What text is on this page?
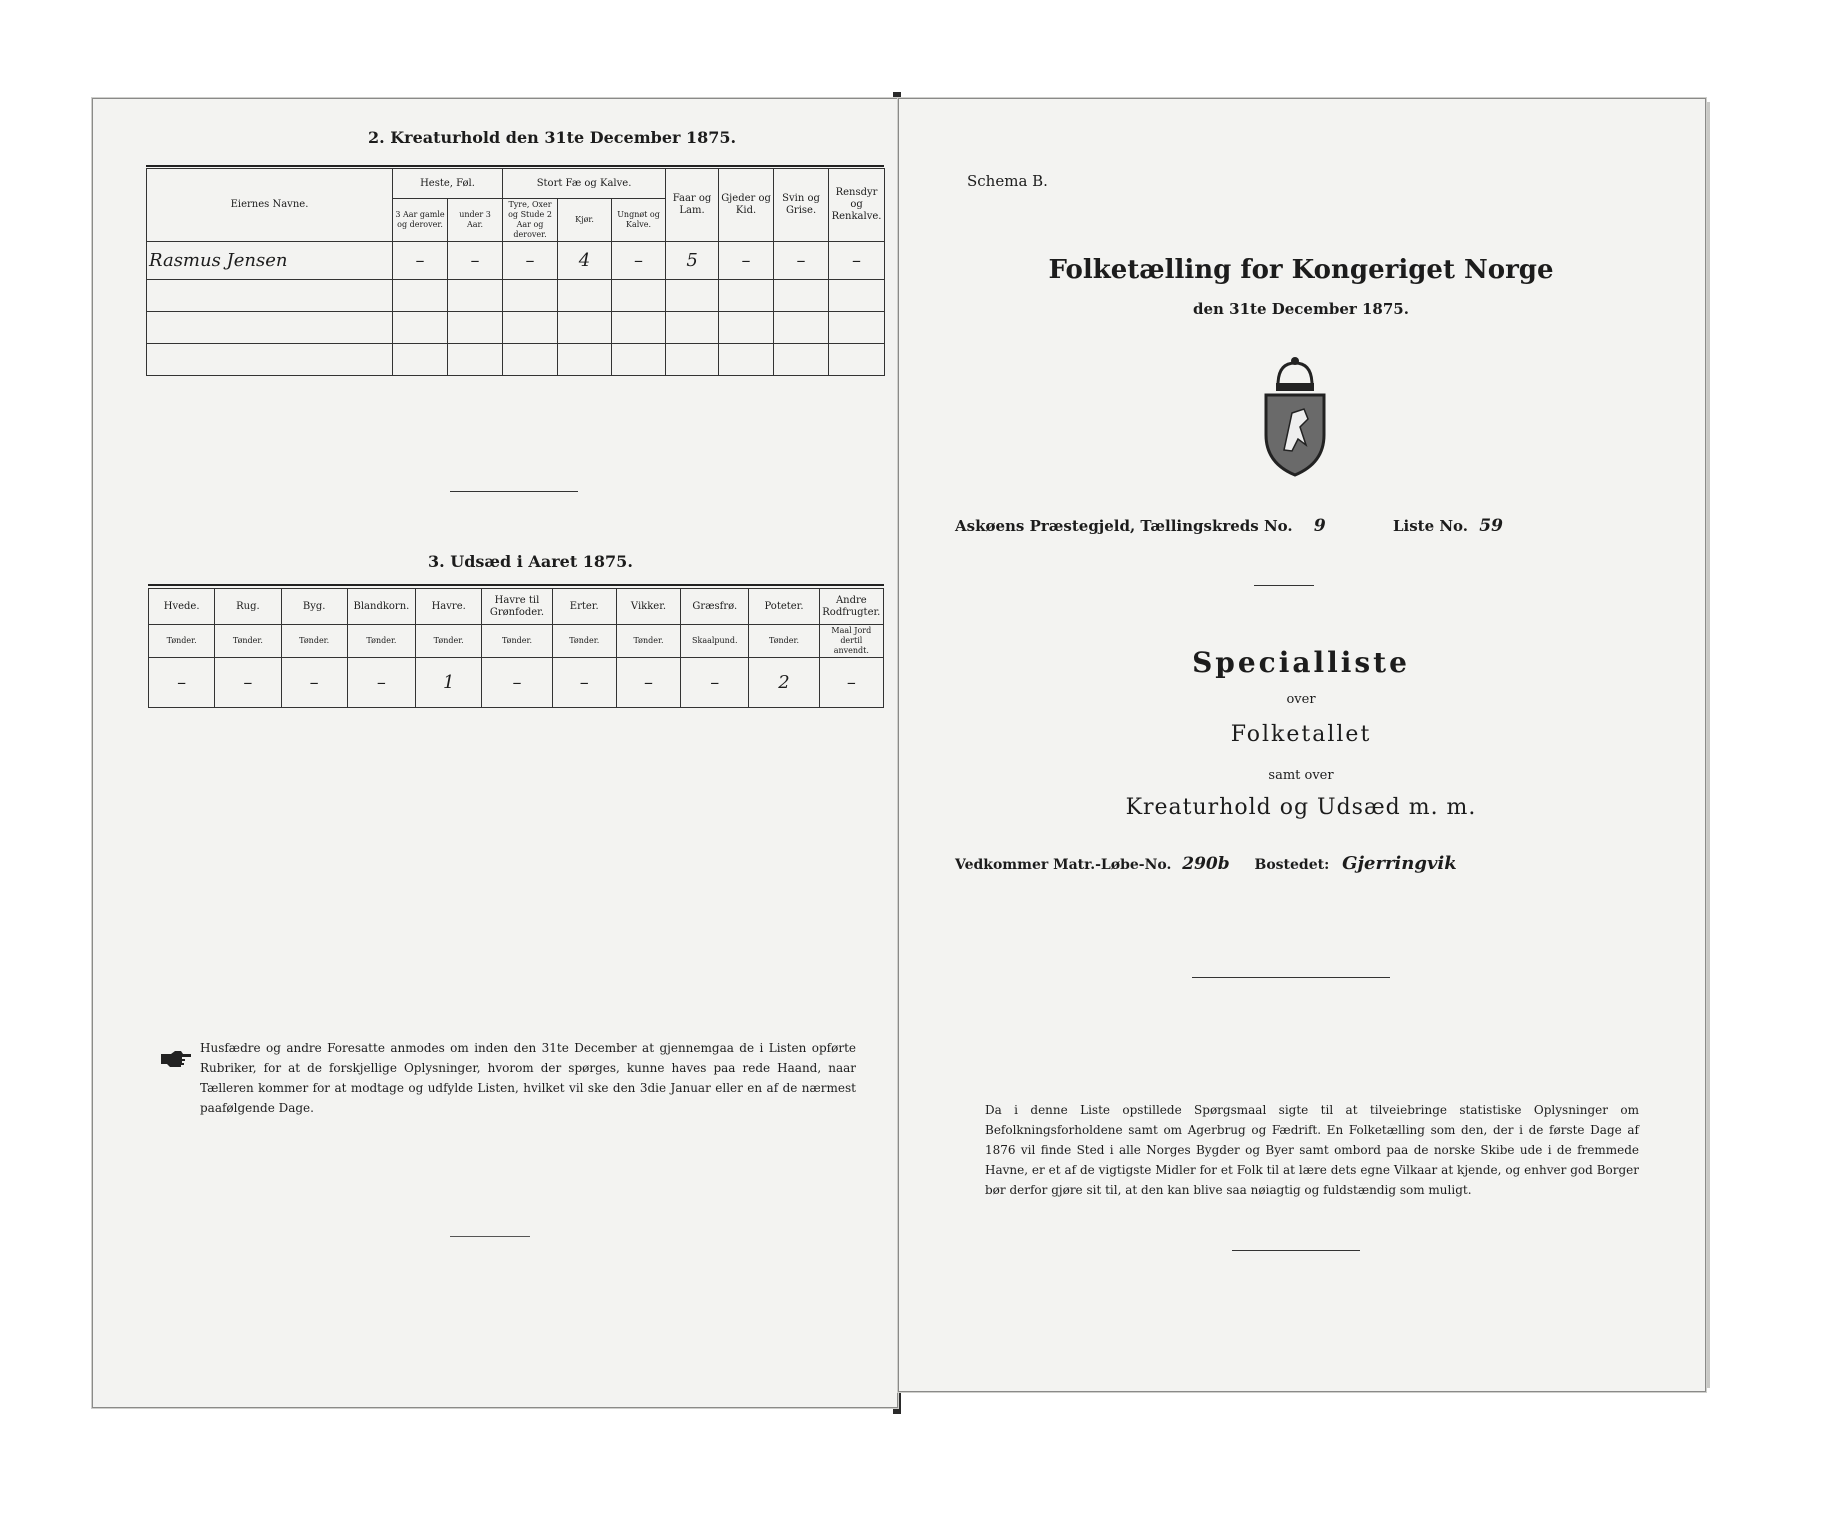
2. Kreaturhold den 31te December 1875.
Eiernes Navne.	Heste, Føl.		Stort Fæ og Kalve.			Faar og Lam.	Gjeder og Kid.	Svin og Grise.	Rensdyr og Renkalve.
	3 Aar gamle og derover.	under 3 Aar.	Tyre, Oxer og Stude 2 Aar og derover.	Kjør.	Ungnøt og Kalve.				
Rasmus Jensen	–	–	–	4	–	5	–	–	–

3. Udsæd i Aaret 1875.
Hvede.	Rug.	Byg.	Blandkorn.	Havre.	Havre til Grønfoder.	Erter.	Vikker.	Græsfrø.	Poteter.	Andre Rodfrugter.
Tønder.	Tønder.	Tønder.	Tønder.	Tønder.	Tønder.	Tønder.	Tønder.	Skaalpund.	Tønder.	Maal Jord dertil anvendt.
–	–	–	–	1	–	–	–	–	2	–
Husfædre og andre Foresatte anmodes om inden den 31te December at gjennemgaa de i Listen opførte Rubriker, for at de forskjellige Oplysninger, hvorom der spørges, kunne haves paa rede Haand, naar Tælleren kommer for at modtage og udfylde Listen, hvilket vil ske den 3die Januar eller en af de nærmest paafølgende Dage.
Schema B.
Folketælling for Kongeriget Norge
den 31te December 1875.
Askøens Præstegjeld, Tællingskreds No. 9	Liste No. 59
Specialliste
over
Folketallet
samt over
Kreaturhold og Udsæd m. m.
Vedkommer Matr.-Løbe-No. 290b Bostedet: Gjerringvik
Da i denne Liste opstillede Spørgsmaal sigte til at tilveiebringe statistiske Oplysninger om Befolkningsforholdene samt om Agerbrug og Fædrift. En Folketælling som den, der i de første Dage af 1876 vil finde Sted i alle Norges Bygder og Byer samt ombord paa de norske Skibe ude i de fremmede Havne, er et af de vigtigste Midler for et Folk til at lære dets egne Vilkaar at kjende, og enhver god Borger bør derfor gjøre sit til, at den kan blive saa nøiagtig og fuldstændig som muligt.
